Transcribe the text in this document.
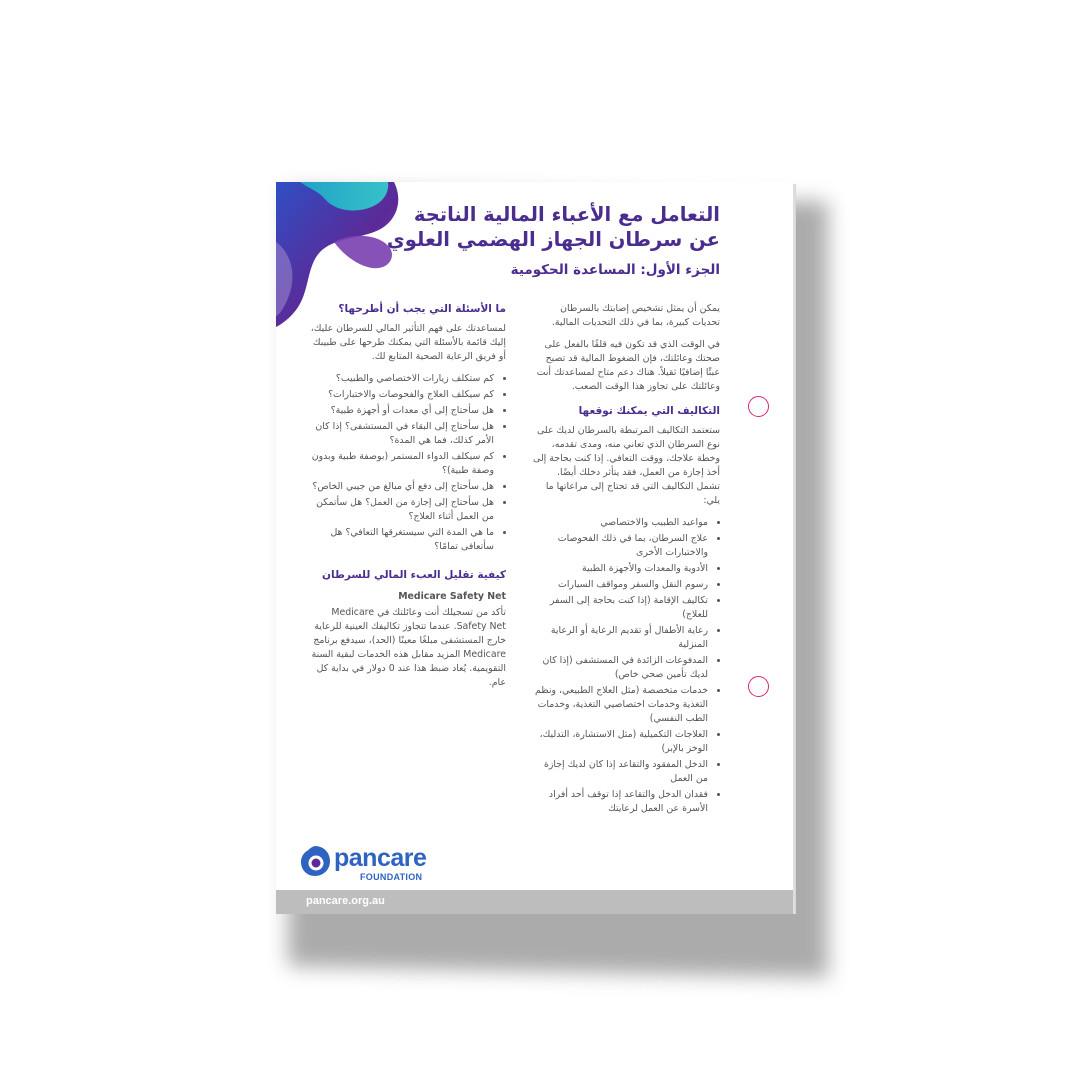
التعامل مع الأعباء المالية الناتجة
عن سرطان الجهاز الهضمي العلوي
الجزء الأول: المساعدة الحكومية

يمكن أن يمثل تشخيص إصابتك بالسرطان تحديات كبيرة، بما في ذلك التحديات المالية.

في الوقت الذي قد تكون فيه قلقًا بالفعل على صحتك وعائلتك، فإن الضغوط المالية قد تصبح عبئًا إضافيًا ثقيلاً. هناك دعم متاح لمساعدتك أنت وعائلتك على تجاوز هذا الوقت الصعب.

التكاليف التي يمكنك توقعها

ستعتمد التكاليف المرتبطة بالسرطان لديك على نوع السرطان الذي تعاني منه، ومدى تقدمه، وخطة علاجك، ووقت التعافي. إذا كنت بحاجة إلى أخذ إجازة من العمل، فقد يتأثر دخلك أيضًا. تشمل التكاليف التي قد تحتاج إلى مراعاتها ما يلي:

• مواعيد الطبيب والاختصاصي
• علاج السرطان، بما في ذلك الفحوصات والاختبارات الأخرى
• الأدوية والمعدات والأجهزة الطبية
• رسوم النقل والسفر ومواقف السيارات
• تكاليف الإقامة (إذا كنت بحاجة إلى السفر للعلاج)
• رعاية الأطفال أو تقديم الرعاية أو الرعاية المنزلية
• المدفوعات الزائدة في المستشفى (إذا كان لديك تأمين صحي خاص)
• خدمات متخصصة (مثل العلاج الطبيعي، ونظم التغذية وخدمات اختصاصيي التغذية، وخدمات الطب النفسي)
• العلاجات التكميلية (مثل الاستشارة، التدليك، الوخز بالإبر)
• الدخل المفقود والتقاعد إذا كان لديك إجازة من العمل
• فقدان الدخل والتقاعد إذا توقف أحد أفراد الأسرة عن العمل لرعايتك
ما الأسئلة التي يجب أن أطرحها؟

لمساعدتك على فهم التأثير المالي للسرطان عليك، إليك قائمة بالأسئلة التي يمكنك طرحها على طبيبك أو فريق الرعاية الصحية المتابع لك.

• كم ستكلف زيارات الاختصاصي والطبيب؟
• كم سيكلف العلاج والفحوصات والاختبارات؟
• هل سأحتاج إلى أي معدات أو أجهزة طبية؟
• هل سأحتاج إلى البقاء في المستشفى؟ إذا كان الأمر كذلك، فما هي المدة؟
• كم سيكلف الدواء المستمر (بوصفة طبية وبدون وصفة طبية)؟
• هل سأحتاج إلى دفع أي مبالغ من جيبي الخاص؟
• هل سأحتاج إلى إجازة من العمل؟ هل سأتمكن من العمل أثناء العلاج؟
• ما هي المدة التي سيستغرقها التعافي؟ هل سأتعافى تمامًا؟
كيفية تقليل العبء المالي للسرطان
Medicare Safety Net

تأكد من تسجيلك أنت وعائلتك في Medicare Safety Net. عندما تتجاوز تكاليفك العينية للرعاية خارج المستشفى مبلغًا معينًا (الحد)، سيدفع برنامج Medicare المزيد مقابل هذه الخدمات لبقية السنة التقويمية. يُعاد ضبط هذا عند 0 دولار في بداية كل عام.

pancare
FOUNDATION
pancare.org.au
